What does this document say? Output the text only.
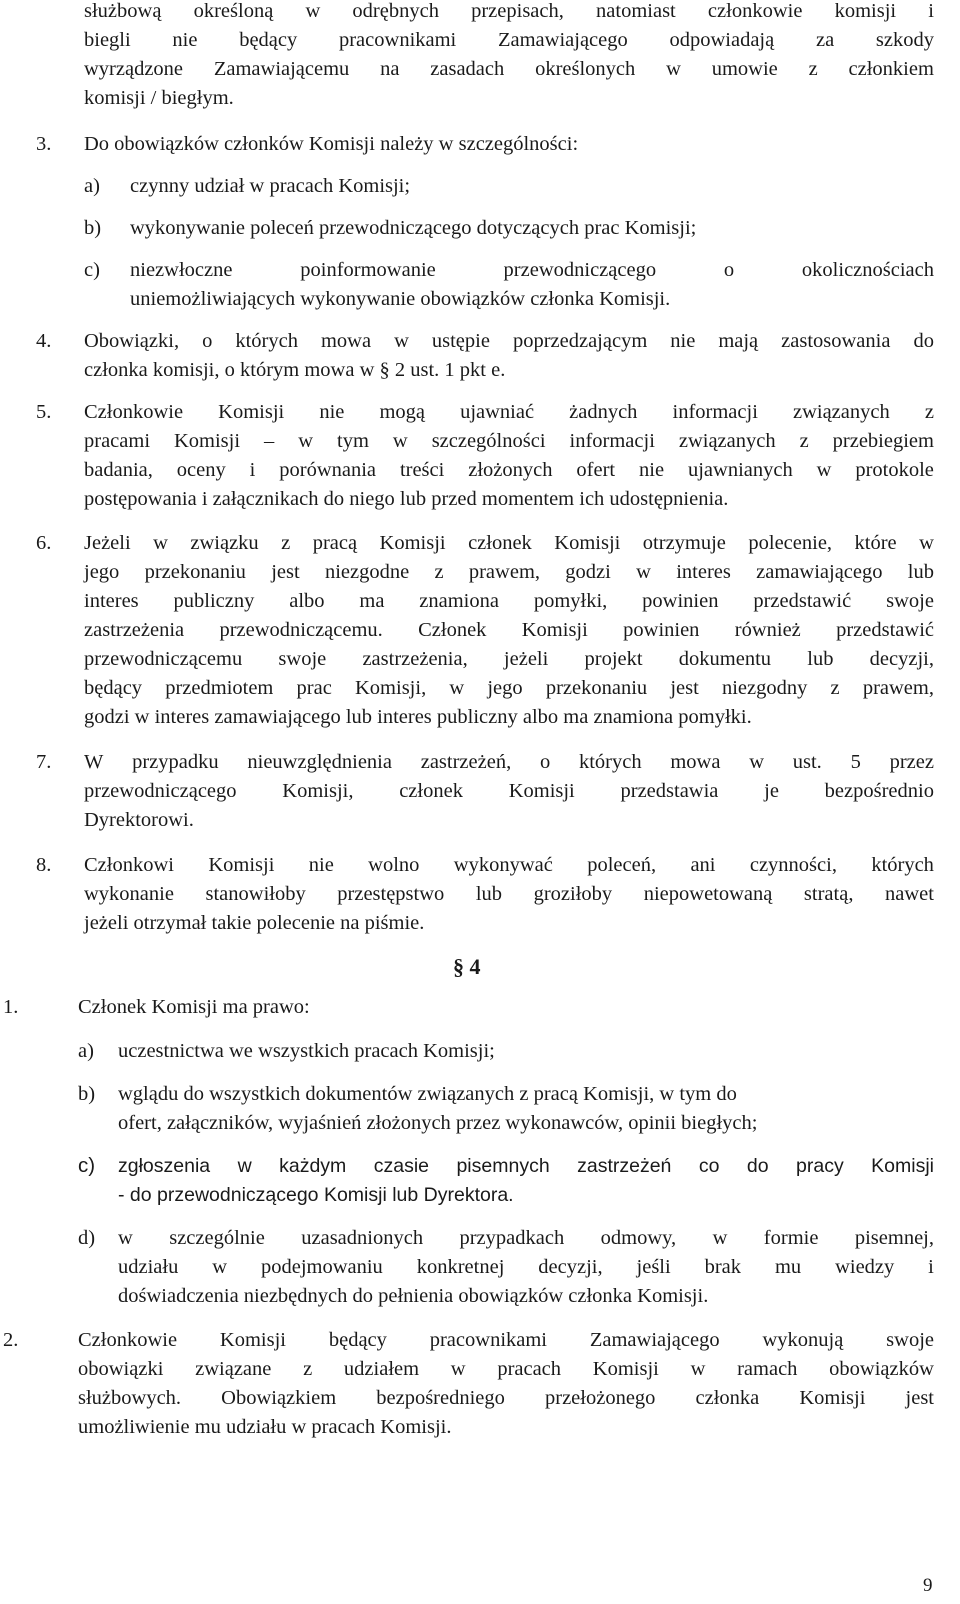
służbową określoną w odrębnych przepisach, natomiast członkowie komisji i
biegli nie będący pracownikami Zamawiającego odpowiadają za szkody
wyrządzone Zamawiającemu na zasadach określonych w umowie z członkiem
komisji / biegłym.
3. Do obowiązków członków Komisji należy w szczególności:
a) czynny udział w pracach Komisji;
b) wykonywanie poleceń przewodniczącego dotyczących prac Komisji;
c) niezwłoczne	poinformowanie	przewodniczącego	o	okolicznościach
uniemożliwiających wykonywanie obowiązków członka Komisji.
4. Obowiązki, o których mowa w ustępie poprzedzającym nie mają zastosowania do
członka komisji, o którym mowa w § 2 ust. 1 pkt e.
5. Członkowie Komisji nie mogą ujawniać żadnych informacji związanych z
pracami Komisji – w tym w szczególności informacji związanych z przebiegiem
badania, oceny i porównania treści złożonych ofert nie ujawnianych w protokole
postępowania i załącznikach do niego lub przed momentem ich udostępnienia.
6. Jeżeli w związku z pracą Komisji członek Komisji otrzymuje polecenie, które w
jego przekonaniu jest niezgodne z prawem, godzi w interes zamawiającego lub
interes publiczny albo ma znamiona pomyłki, powinien przedstawić swoje
zastrzeżenia przewodniczącemu. Członek Komisji powinien również przedstawić
przewodniczącemu swoje zastrzeżenia, jeżeli projekt dokumentu lub decyzji,
będący przedmiotem prac Komisji, w jego przekonaniu jest niezgodny z prawem,
godzi w interes zamawiającego lub interes publiczny albo ma znamiona pomyłki.
7. W przypadku nieuwzględnienia zastrzeżeń, o których mowa w ust. 5 przez
przewodniczącego Komisji, członek Komisji przedstawia je bezpośrednio
Dyrektorowi.
8. Członkowi Komisji nie wolno wykonywać poleceń, ani czynności, których
wykonanie stanowiłoby przestępstwo lub groziłoby niepowetowaną stratą, nawet
jeżeli otrzymał takie polecenie na piśmie.
§ 4
1.	Członek Komisji ma prawo:
a) uczestnictwa we wszystkich pracach Komisji;
b) wglądu do wszystkich dokumentów związanych z pracą Komisji, w tym do
ofert, załączników, wyjaśnień złożonych przez wykonawców, opinii biegłych;
c) zgłoszenia w każdym czasie pisemnych zastrzeżeń co do pracy Komisji
- do przewodniczącego Komisji lub Dyrektora.
d) w szczególnie uzasadnionych przypadkach odmowy, w formie pisemnej,
udziału w podejmowaniu konkretnej decyzji, jeśli brak mu wiedzy i
doświadczenia niezbędnych do pełnienia obowiązków członka Komisji.
2.	Członkowie Komisji będący pracownikami Zamawiającego wykonują swoje
obowiązki związane z udziałem w pracach Komisji w ramach obowiązków
służbowych. Obowiązkiem bezpośredniego przełożonego członka Komisji jest
umożliwienie mu udziału w pracach Komisji.
9
